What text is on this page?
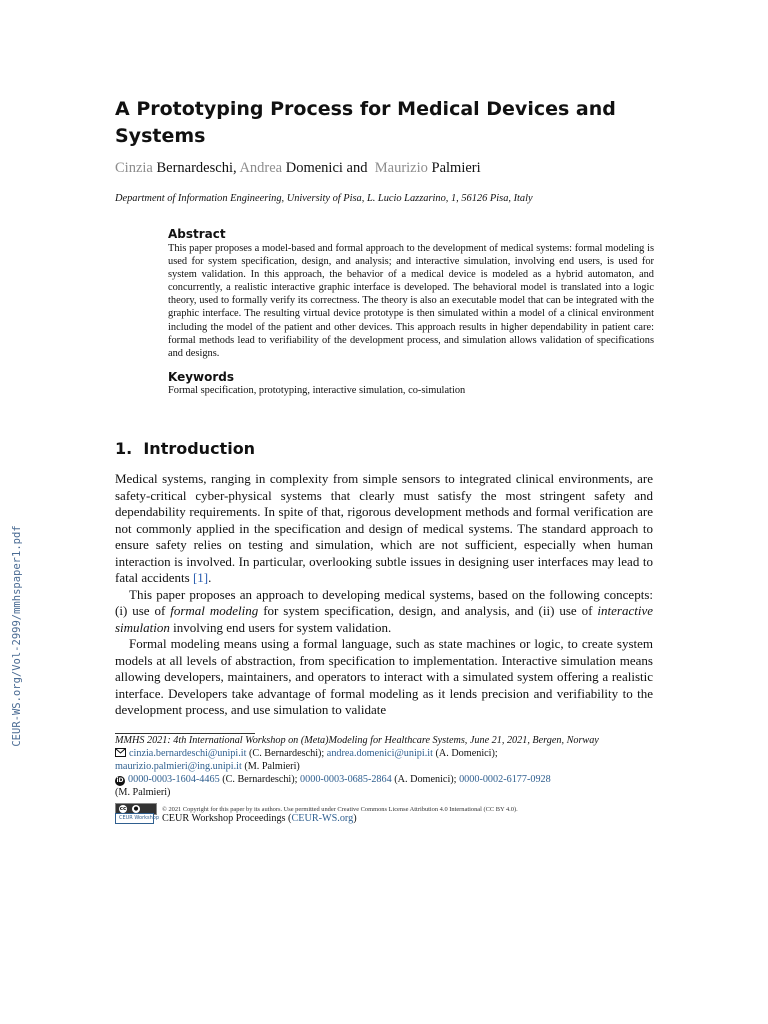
CEUR-WS.org/Vol-2999/mmhspaper1.pdf
A Prototyping Process for Medical Devices and Systems
Cinzia Bernardeschi, Andrea Domenici and  Maurizio Palmieri
Department of Information Engineering, University of Pisa, L. Lucio Lazzarino, 1, 56126 Pisa, Italy
Abstract

This paper proposes a model-based and formal approach to the development of medical systems: formal modeling is used for system specification, design, and analysis; and interactive simulation, involving end users, is used for system validation. In this approach, the behavior of a medical device is modeled as a hybrid automaton, and concurrently, a realistic interactive graphic interface is developed. The behavioral model is translated into a logic theory, used to formally verify its correctness. The theory is also an executable model that can be integrated with the graphic interface. The resulting virtual device prototype is then simulated within a model of a clinical environment including the model of the patient and other devices. This approach results in higher dependability in patient care: formal methods lead to verifiability of the development process, and simulation allows validation of specifications and designs.

Keywords

Formal specification, prototyping, interactive simulation, co-simulation

1.  Introduction

Medical systems, ranging in complexity from simple sensors to integrated clinical environments, are safety-critical cyber-physical systems that clearly must satisfy the most stringent safety and dependability requirements. In spite of that, rigorous development methods and formal verification are not commonly applied in the specification and design of medical systems. The standard approach to ensure safety relies on testing and simulation, which are not sufficient, especially when human interaction is involved. In particular, overlooking subtle issues in designing user interfaces may lead to fatal accidents [1].

This paper proposes an approach to developing medical systems, based on the following concepts: (i) use of formal modeling for system specification, design, and analysis, and (ii) use of interactive simulation involving end users for system validation.

Formal modeling means using a formal language, such as state machines or logic, to create system models at all levels of abstraction, from specification to implementation. Interactive simulation means allowing developers, maintainers, and operators to interact with a simulated system offering a realistic interface. Developers take advantage of formal modeling as it lends precision and verifiability to the development process, and use simulation to validate

MMHS 2021: 4th International Workshop on (Meta)Modeling for Healthcare Systems, June 21, 2021, Bergen, Norway
cinzia.bernardeschi@unipi.it (C. Bernardeschi); andrea.domenici@unipi.it (A. Domenici);
maurizio.palmieri@ing.unipi.it (M. Palmieri)
iD 0000-0003-1604-4465 (C. Bernardeschi); 0000-0003-0685-2864 (A. Domenici); 0000-0002-6177-0928
(M. Palmieri)
cc ●	© 2021 Copyright for this paper by its authors. Use permitted under Creative Commons License Attribution 4.0 International (CC BY 4.0).
CEUR Workshop CEUR Workshop Proceedings (CEUR-WS.org)
